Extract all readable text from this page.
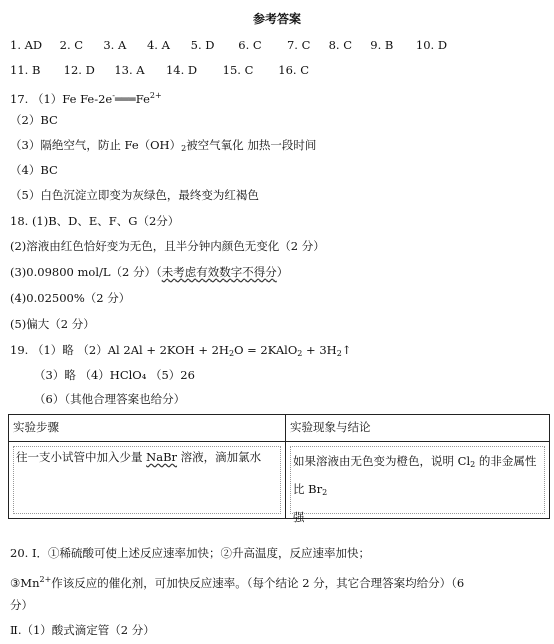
参考答案
1. AD 2. C 3. A 4. A 5. D 6. C 7. C 8. C 9. B 10. D
11. B 12. D 13. A 14. D 15. C 16. C
17. （1）Fe $Fe-2e^-═══Fe^{2+}$
（2）BC
（3）隔绝空气，防止 $Fe(OH)_2$被空气氧化 加热一段时间
（4）BC
（5）白色沉淀立即变为灰绿色，最终变为红褐色
18. (1)B、D、E、F、G（2分）
(2)溶液由红色恰好变为无色，且半分钟内颜色无变化（2 分）
(3)0.09800 mol/L（2 分）（未考虑有效数字不得分）
(4)0.02500%（2 分）
(5)偏大（2 分）
19. （1）略 （2）Al $2Al + 2KOH + 2H_2O$ = 2KAlO$_2$ + $3H_2↑$
（3）略 （4）HClO₄ （5）26
（6）（其他合理答案也给分）
实验步骤	实验现象与结论

往一支小试管中加入少量 NaBr 溶液，滴加氯水	如果溶液由无色变为橙色，说明 $Cl_2$ 的非金属性比 $Br_2$
强
20. Ⅰ．①稀硫酸可使上述反应速率加快；②升高温度，反应速率加快；
$③Mn^{2+}$作该反应的催化剂，可加快反应速率。（每个结论 2 分，其它合理答案均给分）（6
分）
Ⅱ.（1）酸式滴定管（2 分）
